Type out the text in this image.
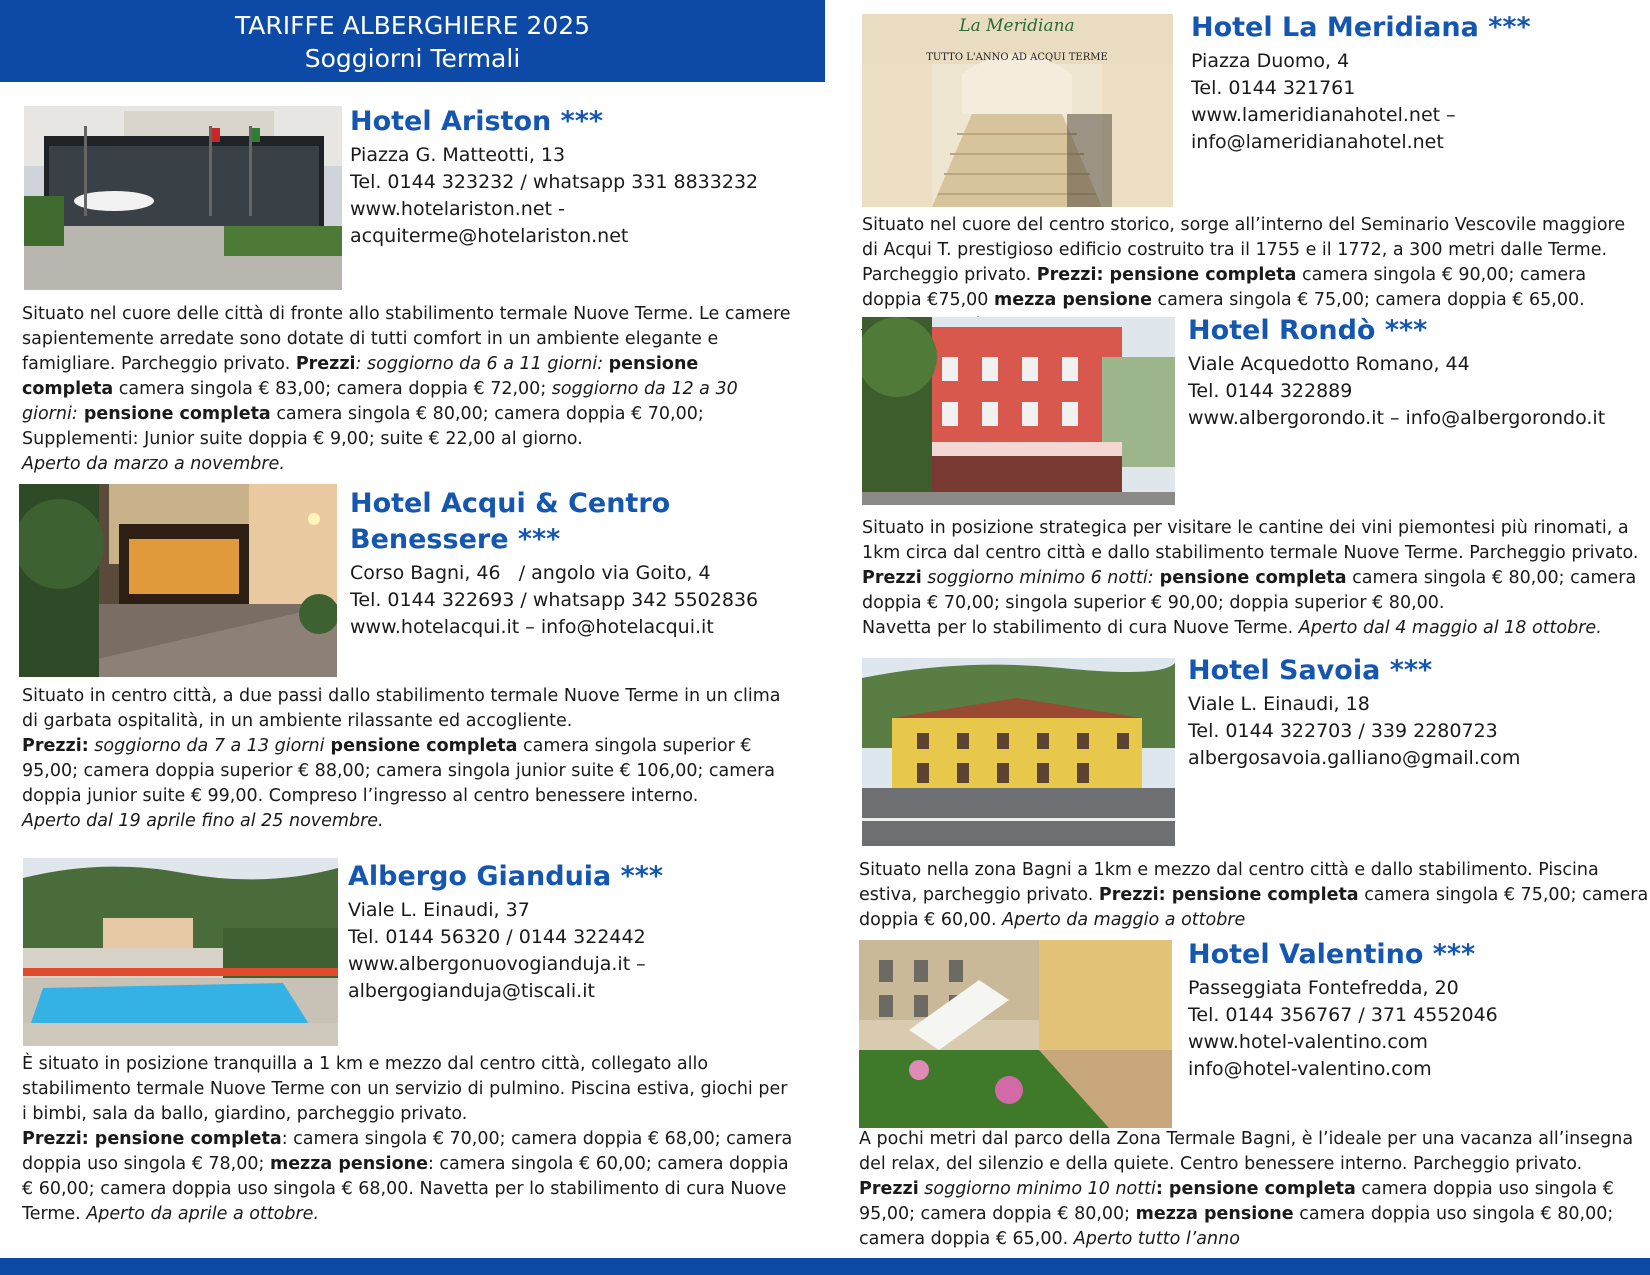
TARIFFE ALBERGHIERE 2025
Soggiorni Termali
Hotel Ariston ***
Piazza G. Matteotti, 13
Tel. 0144 323232 / whatsapp 331 8833232
www.hotelariston.net -
acquiterme@hotelariston.net
Situato nel cuore delle città di fronte allo stabilimento termale Nuove Terme. Le camere sapientemente arredate sono dotate di tutti comfort in un ambiente elegante e famigliare. Parcheggio privato. Prezzi: soggiorno da 6 a 11 giorni: pensione completa camera singola € 83,00; camera doppia € 72,00; soggiorno da 12 a 30 giorni: pensione completa camera singola € 80,00; camera doppia € 70,00; Supplementi: Junior suite doppia € 9,00; suite € 22,00 al giorno.
Aperto da marzo a novembre.
Hotel Acqui & Centro Benessere ***
Corso Bagni, 46   / angolo via Goito, 4
Tel. 0144 322693 / whatsapp 342 5502836
www.hotelacqui.it – info@hotelacqui.it
Situato in centro città, a due passi dallo stabilimento termale Nuove Terme in un clima di garbata ospitalità, in un ambiente rilassante ed accogliente.
Prezzi: soggiorno da 7 a 13 giorni pensione completa camera singola superior € 95,00; camera doppia superior € 88,00; camera singola junior suite € 106,00; camera doppia junior suite € 99,00. Compreso l’ingresso al centro benessere interno.
Aperto dal 19 aprile fino al 25 novembre.
Albergo Gianduia ***
Viale L. Einaudi, 37
Tel. 0144 56320 / 0144 322442
www.albergonuovogianduja.it –
albergogianduja@tiscali.it
È situato in posizione tranquilla a 1 km e mezzo dal centro città, collegato allo stabilimento termale Nuove Terme con un servizio di pulmino. Piscina estiva, giochi per i bimbi, sala da ballo, giardino, parcheggio privato.
Prezzi: pensione completa: camera singola € 70,00; camera doppia € 68,00; camera doppia uso singola € 78,00; mezza pensione: camera singola € 60,00; camera doppia € 60,00; camera doppia uso singola € 68,00. Navetta per lo stabilimento di cura Nuove Terme. Aperto da aprile a ottobre.
La Meridiana
TUTTO L'ANNO AD ACQUI TERME
Hotel La Meridiana ***
Piazza Duomo, 4
Tel. 0144 321761
www.lameridianahotel.net –
info@lameridianahotel.net
Situato nel cuore del centro storico, sorge all’interno del Seminario Vescovile maggiore di Acqui T. prestigioso edificio costruito tra il 1755 e il 1772, a 300 metri dalle Terme. Parcheggio privato. Prezzi: pensione completa camera singola € 90,00; camera doppia €75,00 mezza pensione camera singola € 75,00; camera doppia € 65,00.
Hotel Rondò ***
Viale Acquedotto Romano, 44
Tel. 0144 322889
www.albergorondo.it – info@albergorondo.it
Situato in posizione strategica per visitare le cantine dei vini piemontesi più rinomati, a 1km circa dal centro città e dallo stabilimento termale Nuove Terme. Parcheggio privato.
Prezzi soggiorno minimo 6 notti: pensione completa camera singola € 80,00; camera doppia € 70,00; singola superior € 90,00; doppia superior € 80,00.
Navetta per lo stabilimento di cura Nuove Terme. Aperto dal 4 maggio al 18 ottobre.
Hotel Savoia ***
Viale L. Einaudi, 18
Tel. 0144 322703 / 339 2280723
albergosavoia.galliano@gmail.com
Situato nella zona Bagni a 1km e mezzo dal centro città e dallo stabilimento. Piscina estiva, parcheggio privato. Prezzi: pensione completa camera singola € 75,00; camera doppia € 60,00. Aperto da maggio a ottobre
Hotel Valentino ***
Passeggiata Fontefredda, 20
Tel. 0144 356767 / 371 4552046
www.hotel-valentino.com
info@hotel-valentino.com
A pochi metri dal parco della Zona Termale Bagni, è l’ideale per una vacanza all’insegna del relax, del silenzio e della quiete. Centro benessere interno. Parcheggio privato.
Prezzi soggiorno minimo 10 notti: pensione completa camera doppia uso singola € 95,00; camera doppia € 80,00; mezza pensione camera doppia uso singola € 80,00; camera doppia € 65,00. Aperto tutto l’anno
